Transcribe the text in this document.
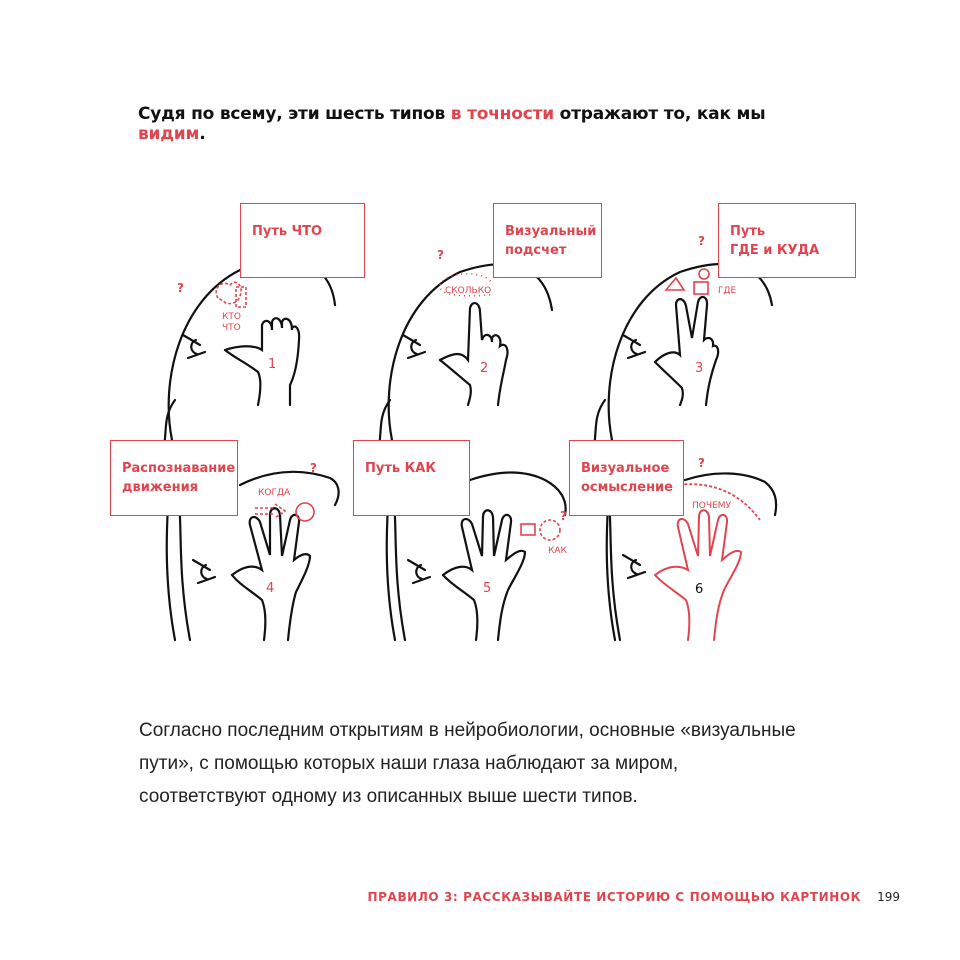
Судя по всему, эти шесть типов в точности отражают то, как мы видим.
КТО
ЧТО
СКОЛЬКО	ГДЕ
КОГДА
КАК
ПОЧЕМУ
?
?
?
?
?
?
1	2	3
4	5	6
Путь ЧТО	Визуальный
подсчет
Путь
ГДЕ и КУДА
Распознавание
движения
Путь КАК	Визуальное
осмысление
Согласно последним открытиям в нейробиологии, основные «визуальные
пути», с помощью которых наши глаза наблюдают за миром,
соответствуют одному из описанных выше шести типов.
ПРАВИЛО 3: РАССКАЗЫВАЙТЕ ИСТОРИЮ С ПОМОЩЬЮ КАРТИНОК 199
